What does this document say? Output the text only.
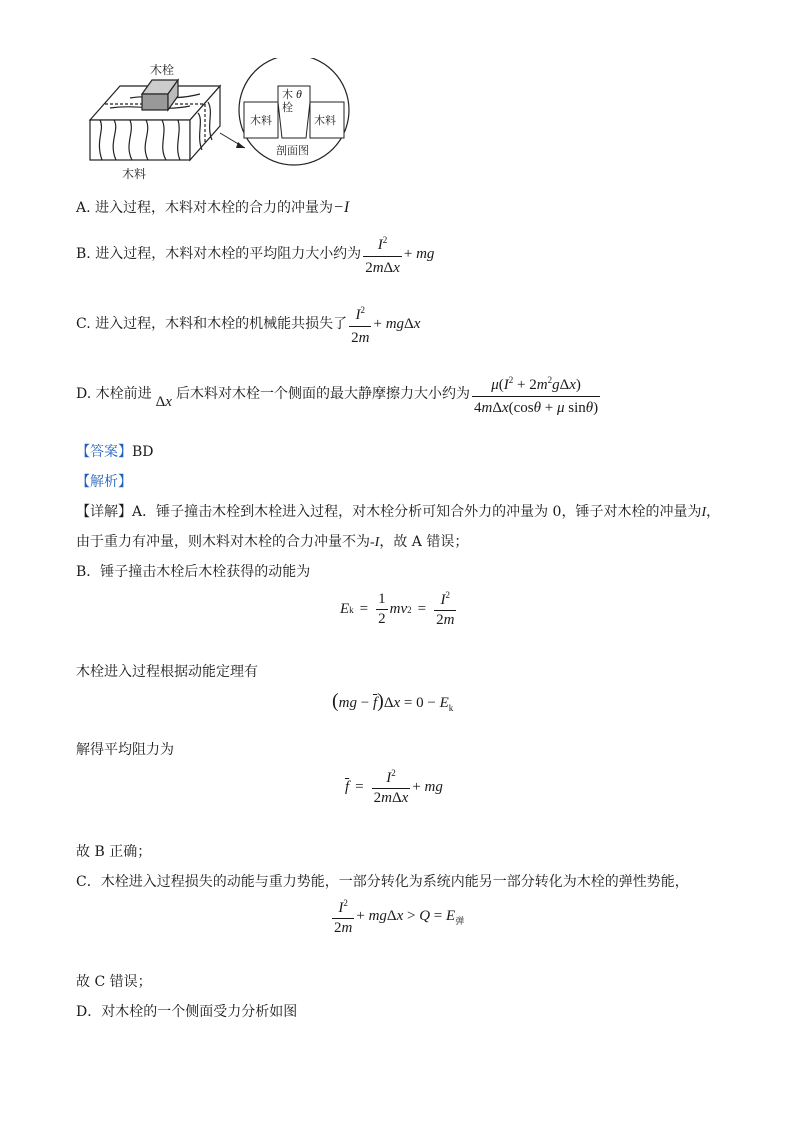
木栓
木料
木料	木料
木
栓
θ
剖面图
A. 进入过程，木料对木栓的合力的冲量为−I
B. 进入过程，木料对木栓的平均阻力大小约为 $\frac{I^2}{\text{2mΔx}}$ + mg
C. 进入过程，木料和木栓的机械能共损失了 $\frac{I^2}{2m} + mg\Delta x$
D. 木栓前进 Δx 后木料对木栓一个侧面的最大静摩擦力大小约为 $\frac{\mu(I^2 + 2m^2g\Delta x)}{\text{4mΔx(cosθ + μ sinθ)}}$
【答案】BD
【解析】
【详解】A．锤子撞击木栓到木栓进入过程，对木栓分析可知合外力的冲量为 0，锤子对木栓的冲量为I，
由于重力有冲量，则木料对木栓的合力冲量不为-I，故 A 错误；
B．锤子撞击木栓后木栓获得的动能为
E $k = \frac{1}{2}$ mv $2 = \frac{I^2}{2m}$
木栓进入过程根据动能定理有
$(mg - \overline{f})\Delta x = 0 - E_k$
解得平均阻力为
$\overline{f} = \frac{I^2}{\text{2mΔx}}$ + mg
故 B 正确；
C．木栓进入过程损失的动能与重力势能，一部分转化为系统内能另一部分转化为木栓的弹性势能，
$\frac{I^2}{2m} + mg\Delta x > Q = E_弹$
故 C 错误；
D．对木栓的一个侧面受力分析如图
